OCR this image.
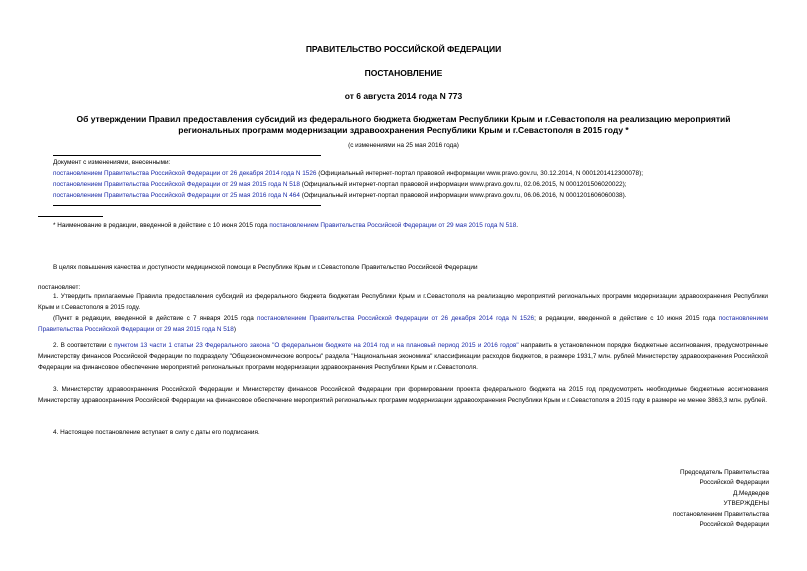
ПРАВИТЕЛЬСТВО РОССИЙСКОЙ ФЕДЕРАЦИИ
ПОСТАНОВЛЕНИЕ
от 6 августа 2014 года N 773
Об утверждении Правил предоставления субсидий из федерального бюджета бюджетам Республики Крым и г.Севастополя на реализацию мероприятий
региональных программ модернизации здравоохранения Республики Крым и г.Севастополя в 2015 году *
(с изменениями на 25 мая 2016 года)
Документ с изменениями, внесенными:
постановлением Правительства Российской Федерации от 26 декабря 2014 года N 1526 (Официальный интернет-портал правовой информации www.pravo.gov.ru, 30.12.2014, N 0001201412300078);
постановлением Правительства Российской Федерации от 29 мая 2015 года N 518 (Официальный интернет-портал правовой информации www.pravo.gov.ru, 02.06.2015, N 0001201506020022);
постановлением Правительства Российской Федерации от 25 мая 2016 года N 464 (Официальный интернет-портал правовой информации www.pravo.gov.ru, 06.06.2016, N 0001201606060038).
* Наименование в редакции, введенной в действие с 10 июня 2015 года постановлением Правительства Российской Федерации от 29 мая 2015 года N 518.
В целях повышения качества и доступности медицинской помощи в Республике Крым и г.Севастополе Правительство Российской Федерации
постановляет:
1. Утвердить прилагаемые Правила предоставления субсидий из федерального бюджета бюджетам Республики Крым и г.Севастополя на реализацию мероприятий региональных программ модернизации здравоохранения Республики Крым и г.Севастополя в 2015 году.
(Пункт в редакции, введенной в действие с 7 января 2015 года постановлением Правительства Российской Федерации от 26 декабря 2014 года N 1526; в редакции, введенной в действие с 10 июня 2015 года постановлением Правительства Российской Федерации от 29 мая 2015 года N 518)
2. В соответствии с пунктом 13 части 1 статьи 23 Федерального закона "О федеральном бюджете на 2014 год и на плановый период 2015 и 2016 годов" направить в установленном порядке бюджетные ассигнования, предусмотренные Министерству финансов Российской Федерации по подразделу "Общеэкономические вопросы" раздела "Национальная экономика" классификации расходов бюджетов, в размере 1931,7 млн. рублей Министерству здравоохранения Российской Федерации на финансовое обеспечение мероприятий региональных программ модернизации здравоохранения Республики Крым и г.Севастополя.
3. Министерству здравоохранения Российской Федерации и Министерству финансов Российской Федерации при формировании проекта федерального бюджета на 2015 год предусмотреть необходимые бюджетные ассигнования Министерству здравоохранения Российской Федерации на финансовое обеспечение мероприятий региональных программ модернизации здравоохранения Республики Крым и г.Севастополя в 2015 году в размере не менее 3863,3 млн. рублей.
4. Настоящее постановление вступает в силу с даты его подписания.
Председатель Правительства
Российской Федерации
Д.Медведев
УТВЕРЖДЕНЫ
постановлением Правительства
Российской Федерации
